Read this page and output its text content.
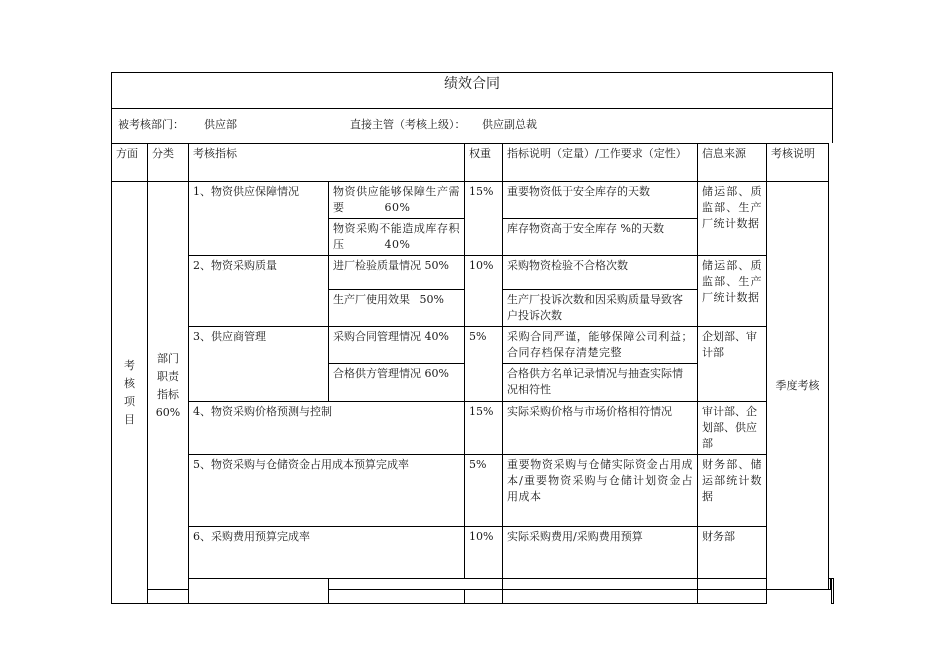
绩效合同
被考核部门： 供应部	直接主管（考核上级）： 供应副总裁
方面	分类	考核指标		权重	指标说明（定量）/工作要求（定性）	信息来源	考核说明		

考核项目	部门职责指标60%	1、物资供应保障情况	物资供应能够保障生产需要 60%	15%	重要物资低于安全库存的天数	储运部、质监部、生产厂统计数据	季度考核		
			物资采购不能造成库存积压 40%		库存物资高于安全库存 %的天数				
		2、物资采购质量	进厂检验质量情况 50%	10%	采购物资检验不合格次数	储运部、质监部、生产厂统计数据			
			生产厂使用效果 50%		生产厂投诉次数和因采购质量导致客户投诉次数				
		3、供应商管理	采购合同管理情况 40%	5%	采购合同严谨，能够保障公司利益；合同存档保存清楚完整	企划部、审计部			
			合格供方管理情况 60%		合格供方名单记录情况与抽查实际情况相符性				
		4、物资采购价格预测与控制		15%	实际采购价格与市场价格相符情况	审计部、企划部、供应部			
		5、物资采购与仓储资金占用成本预算完成率		5%	重要物资采购与仓储实际资金占用成本/重要物资采购与仓储计划资金占用成本	财务部、储运部统计数据			
		6、采购费用预算完成率		10%	实际采购费用/采购费用预算	财务部			
